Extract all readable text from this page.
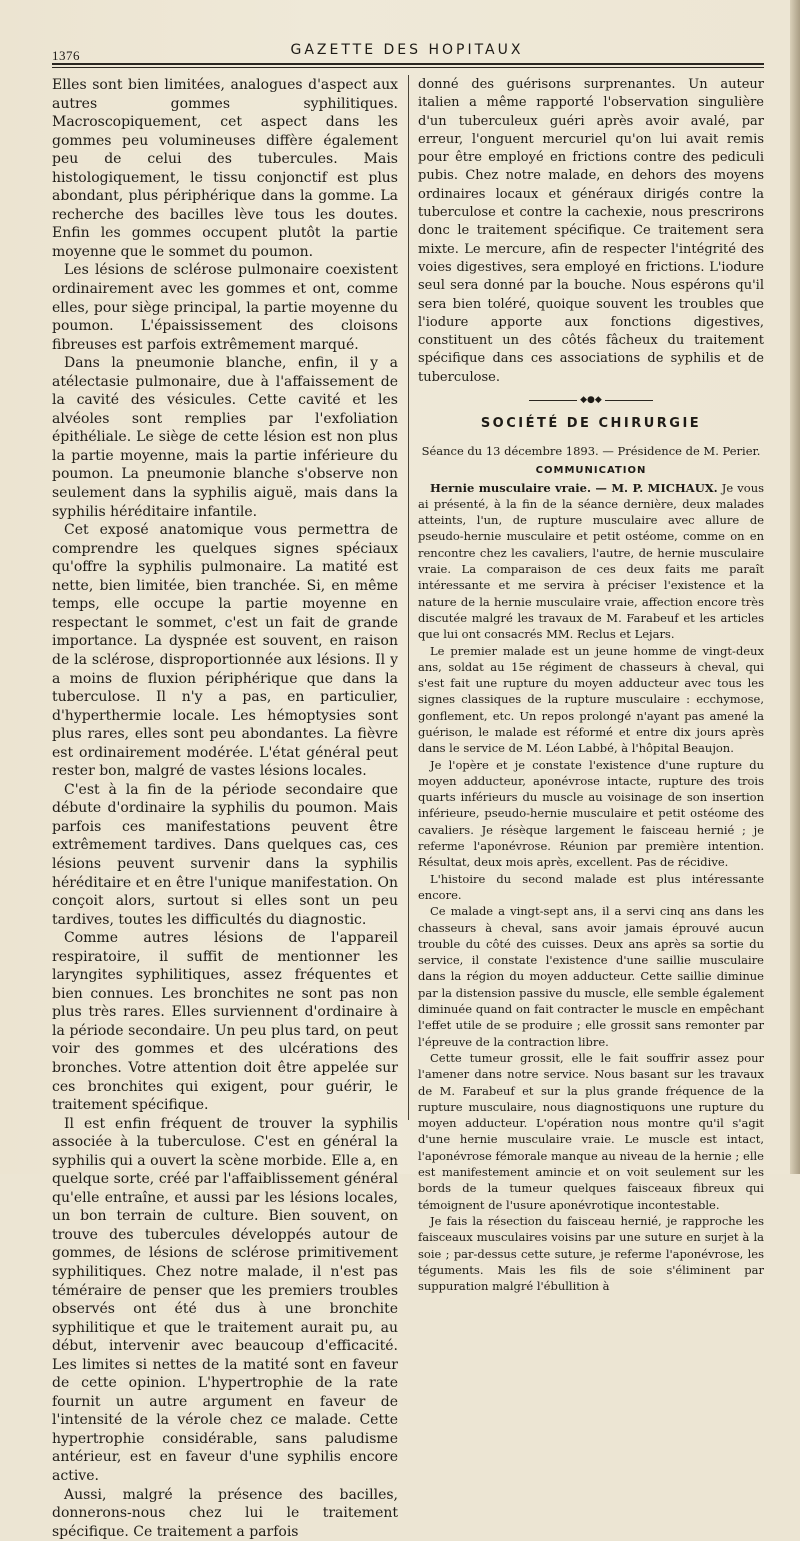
1376	GAZETTE DES HOPITAUX

Elles sont bien limitées, analogues d'aspect aux autres gommes syphilitiques. Macroscopiquement, cet aspect dans les gommes peu volumineuses diffère également peu de celui des tubercules. Mais histologiquement, le tissu conjonctif est plus abondant, plus périphérique dans la gomme. La recherche des bacilles lève tous les doutes. Enfin les gommes occupent plutôt la partie moyenne que le sommet du poumon.

Les lésions de sclérose pulmonaire coexistent ordinairement avec les gommes et ont, comme elles, pour siège principal, la partie moyenne du poumon. L'épaississement des cloisons fibreuses est parfois extrêmement marqué.

Dans la pneumonie blanche, enfin, il y a atélectasie pulmonaire, due à l'affaissement de la cavité des vésicules. Cette cavité et les alvéoles sont remplies par l'exfoliation épithéliale. Le siège de cette lésion est non plus la partie moyenne, mais la partie inférieure du poumon. La pneumonie blanche s'observe non seulement dans la syphilis aiguë, mais dans la syphilis héréditaire infantile.

Cet exposé anatomique vous permettra de comprendre les quelques signes spéciaux qu'offre la syphilis pulmonaire. La matité est nette, bien limitée, bien tranchée. Si, en même temps, elle occupe la partie moyenne en respectant le sommet, c'est un fait de grande importance. La dyspnée est souvent, en raison de la sclérose, disproportionnée aux lésions. Il y a moins de fluxion périphérique que dans la tuberculose. Il n'y a pas, en particulier, d'hyperthermie locale. Les hémoptysies sont plus rares, elles sont peu abondantes. La fièvre est ordinairement modérée. L'état général peut rester bon, malgré de vastes lésions locales.

C'est à la fin de la période secondaire que débute d'ordinaire la syphilis du poumon. Mais parfois ces manifestations peuvent être extrêmement tardives. Dans quelques cas, ces lésions peuvent survenir dans la syphilis héréditaire et en être l'unique manifestation. On conçoit alors, surtout si elles sont un peu tardives, toutes les difficultés du diagnostic.

Comme autres lésions de l'appareil respiratoire, il suffit de mentionner les laryngites syphilitiques, assez fréquentes et bien connues. Les bronchites ne sont pas non plus très rares. Elles surviennent d'ordinaire à la période secondaire. Un peu plus tard, on peut voir des gommes et des ulcérations des bronches. Votre attention doit être appelée sur ces bronchites qui exigent, pour guérir, le traitement spécifique.

Il est enfin fréquent de trouver la syphilis associée à la tuberculose. C'est en général la syphilis qui a ouvert la scène morbide. Elle a, en quelque sorte, créé par l'affaiblissement général qu'elle entraîne, et aussi par les lésions locales, un bon terrain de culture. Bien souvent, on trouve des tubercules développés autour de gommes, de lésions de sclérose primitivement syphilitiques. Chez notre malade, il n'est pas téméraire de penser que les premiers troubles observés ont été dus à une bronchite syphilitique et que le traitement aurait pu, au début, intervenir avec beaucoup d'efficacité. Les limites si nettes de la matité sont en faveur de cette opinion. L'hypertrophie de la rate fournit un autre argument en faveur de l'intensité de la vérole chez ce malade. Cette hypertrophie considérable, sans paludisme antérieur, est en faveur d'une syphilis encore active.

Aussi, malgré la présence des bacilles, donnerons-nous chez lui le traitement spécifique. Ce traitement a parfois

donné des guérisons surprenantes. Un auteur italien a même rapporté l'observation singulière d'un tuberculeux guéri après avoir avalé, par erreur, l'onguent mercuriel qu'on lui avait remis pour être employé en frictions contre des pediculi pubis. Chez notre malade, en dehors des moyens ordinaires locaux et généraux dirigés contre la tuberculose et contre la cachexie, nous prescrirons donc le traitement spécifique. Ce traitement sera mixte. Le mercure, afin de respecter l'intégrité des voies digestives, sera employé en frictions. L'iodure seul sera donné par la bouche. Nous espérons qu'il sera bien toléré, quoique souvent les troubles que l'iodure apporte aux fonctions digestives, constituent un des côtés fâcheux du traitement spécifique dans ces associations de syphilis et de tuberculose.

◆●◆
SOCIÉTÉ DE CHIRURGIE
Séance du 13 décembre 1893. — Présidence de M. Perier.
COMMUNICATION

Hernie musculaire vraie. — M. P. MICHAUX. Je vous ai présenté, à la fin de la séance dernière, deux malades atteints, l'un, de rupture musculaire avec allure de pseudo-hernie musculaire et petit ostéome, comme on en rencontre chez les cavaliers, l'autre, de hernie musculaire vraie. La comparaison de ces deux faits me paraît intéressante et me servira à préciser l'existence et la nature de la hernie musculaire vraie, affection encore très discutée malgré les travaux de M. Farabeuf et les articles que lui ont consacrés MM. Reclus et Lejars.

Le premier malade est un jeune homme de vingt-deux ans, soldat au 15e régiment de chasseurs à cheval, qui s'est fait une rupture du moyen adducteur avec tous les signes classiques de la rupture musculaire : ecchymose, gonflement, etc. Un repos prolongé n'ayant pas amené la guérison, le malade est réformé et entre dix jours après dans le service de M. Léon Labbé, à l'hôpital Beaujon.

Je l'opère et je constate l'existence d'une rupture du moyen adducteur, aponévrose intacte, rupture des trois quarts inférieurs du muscle au voisinage de son insertion inférieure, pseudo-hernie musculaire et petit ostéome des cavaliers. Je résèque largement le faisceau hernié ; je referme l'aponévrose. Réunion par première intention. Résultat, deux mois après, excellent. Pas de récidive.

L'histoire du second malade est plus intéressante encore.

Ce malade a vingt-sept ans, il a servi cinq ans dans les chasseurs à cheval, sans avoir jamais éprouvé aucun trouble du côté des cuisses. Deux ans après sa sortie du service, il constate l'existence d'une saillie musculaire dans la région du moyen adducteur. Cette saillie diminue par la distension passive du muscle, elle semble également diminuée quand on fait contracter le muscle en empêchant l'effet utile de se produire ; elle grossit sans remonter par l'épreuve de la contraction libre.

Cette tumeur grossit, elle le fait souffrir assez pour l'amener dans notre service. Nous basant sur les travaux de M. Farabeuf et sur la plus grande fréquence de la rupture musculaire, nous diagnostiquons une rupture du moyen adducteur. L'opération nous montre qu'il s'agit d'une hernie musculaire vraie. Le muscle est intact, l'aponévrose fémorale manque au niveau de la hernie ; elle est manifestement amincie et on voit seulement sur les bords de la tumeur quelques faisceaux fibreux qui témoignent de l'usure aponévrotique incontestable.

Je fais la résection du faisceau hernié, je rapproche les faisceaux musculaires voisins par une suture en surjet à la soie ; par-dessus cette suture, je referme l'aponévrose, les téguments. Mais les fils de soie s'éliminent par suppuration malgré l'ébullition à
